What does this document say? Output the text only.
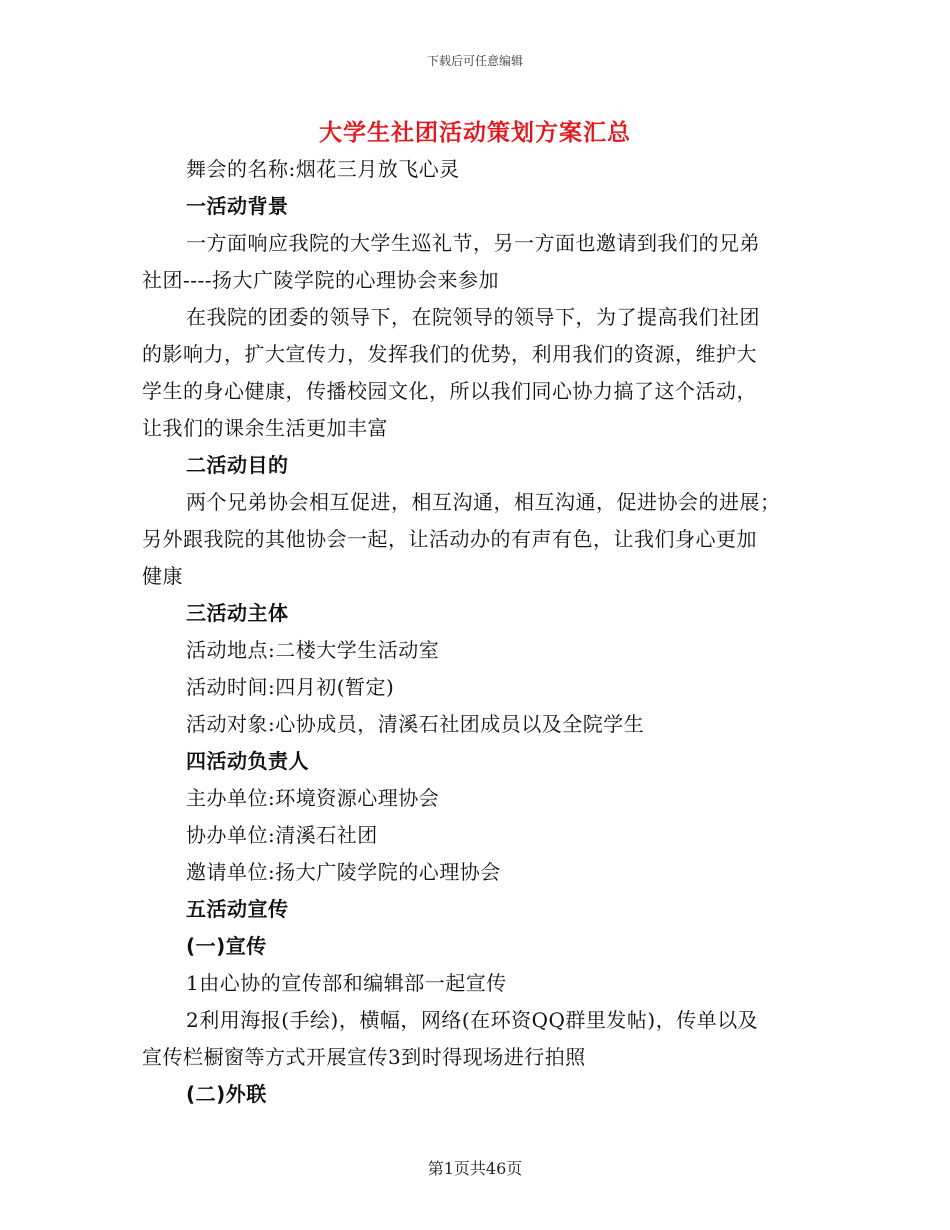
下载后可任意编辑
大学生社团活动策划方案汇总
舞会的名称:烟花三月放飞心灵
一活动背景
一方面响应我院的大学生巡礼节，另一方面也邀请到我们的兄弟
社团----扬大广陵学院的心理协会来参加
在我院的团委的领导下，在院领导的领导下，为了提高我们社团
的影响力，扩大宣传力，发挥我们的优势，利用我们的资源，维护大
学生的身心健康，传播校园文化，所以我们同心协力搞了这个活动，
让我们的课余生活更加丰富
二活动目的
两个兄弟协会相互促进，相互沟通，相互沟通，促进协会的进展；
另外跟我院的其他协会一起，让活动办的有声有色，让我们身心更加
健康
三活动主体
活动地点:二楼大学生活动室
活动时间:四月初(暂定)
活动对象:心协成员，清溪石社团成员以及全院学生
四活动负责人
主办单位:环境资源心理协会
协办单位:清溪石社团
邀请单位:扬大广陵学院的心理协会
五活动宣传
(一)宣传
1由心协的宣传部和编辑部一起宣传
2利用海报(手绘)，横幅，网络(在环资QQ群里发帖)，传单以及
宣传栏橱窗等方式开展宣传3到时得现场进行拍照
(二)外联
第1页共46页
